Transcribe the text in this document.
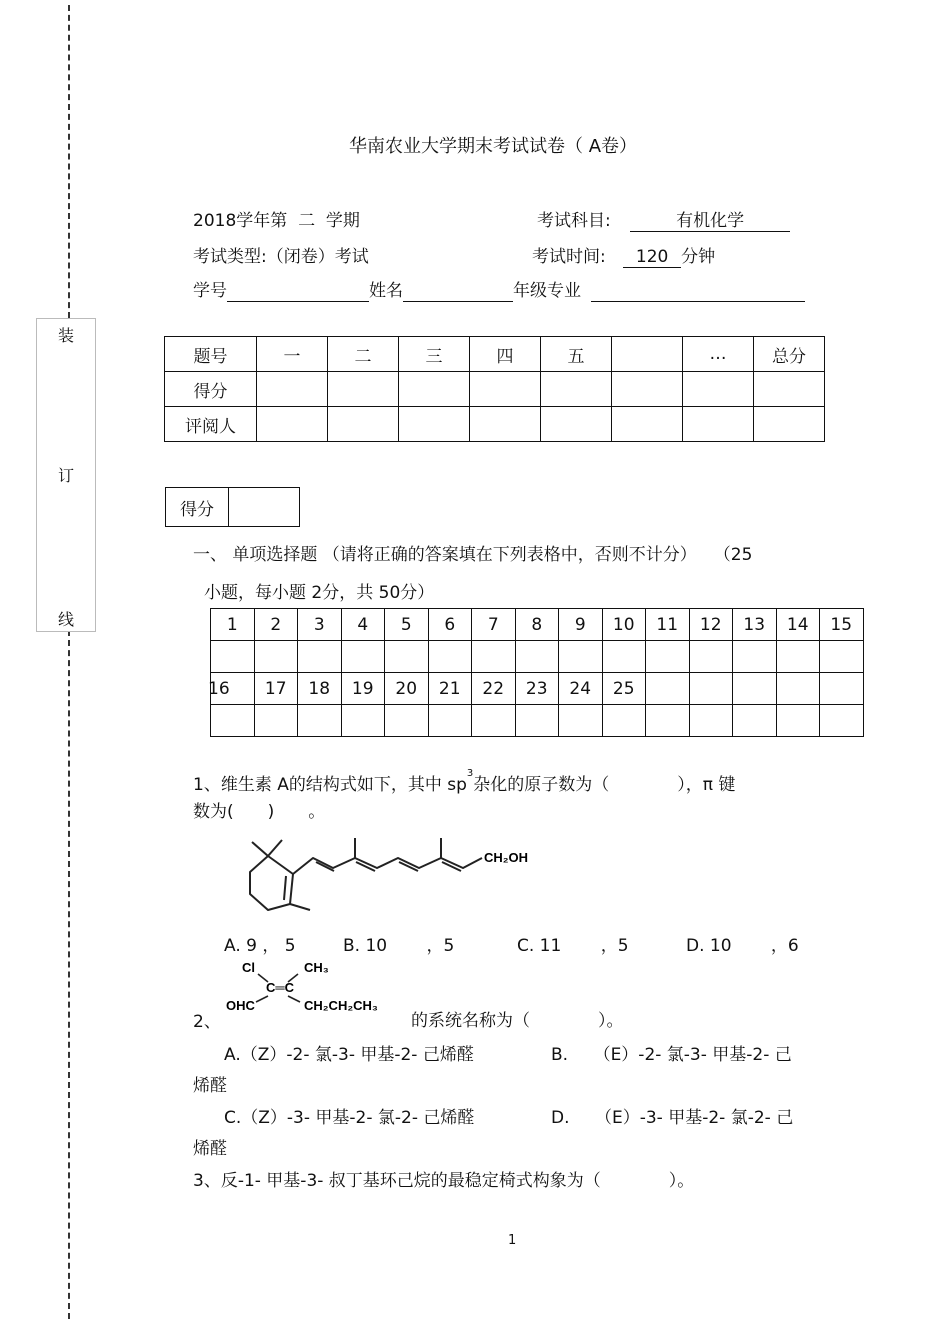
装
订
线
华南农业大学期末考试试卷（ A卷）
2018学年第 二 学期	考试科目:	有机化学
考试类型:（闭卷）考试	考试时间: 120 分钟
学号	姓名	年级专业
题号	一	二	三	四	五		…	总分
得分								
评阅人								
得分	
一、 单项选择题 （请将正确的答案填在下列表格中，否则不计分）　　（25
小题，每小题 2分，共 50分）
1	2	3	4	5	6	7	8	9	10	11	12	13	14	15

16	17	18	19	20	21	22	23	24	25					

1、维生素 A的结构式如下，其中 $sp^3$杂化的原子数为（　　　　），π 键
数为(　　)　　。
CH₂OH
A. 9 ， 5	B. 10　　 ，5	C. 11　　 ，5	D. 10　　 ，6
Cl	CH₃
C═C
OHC	CH₂CH₂CH₃
2、	的系统名称为（　　　　）。
A.（Z）-2- 氯-3- 甲基-2- 己烯醛	B.　　（E）-2- 氯-3- 甲基-2- 己
烯醛
C.（Z）-3- 甲基-2- 氯-2- 己烯醛	D.　　（E）-3- 甲基-2- 氯-2- 己
烯醛
3、反-1- 甲基-3- 叔丁基环己烷的最稳定椅式构象为（　　　　）。
1
